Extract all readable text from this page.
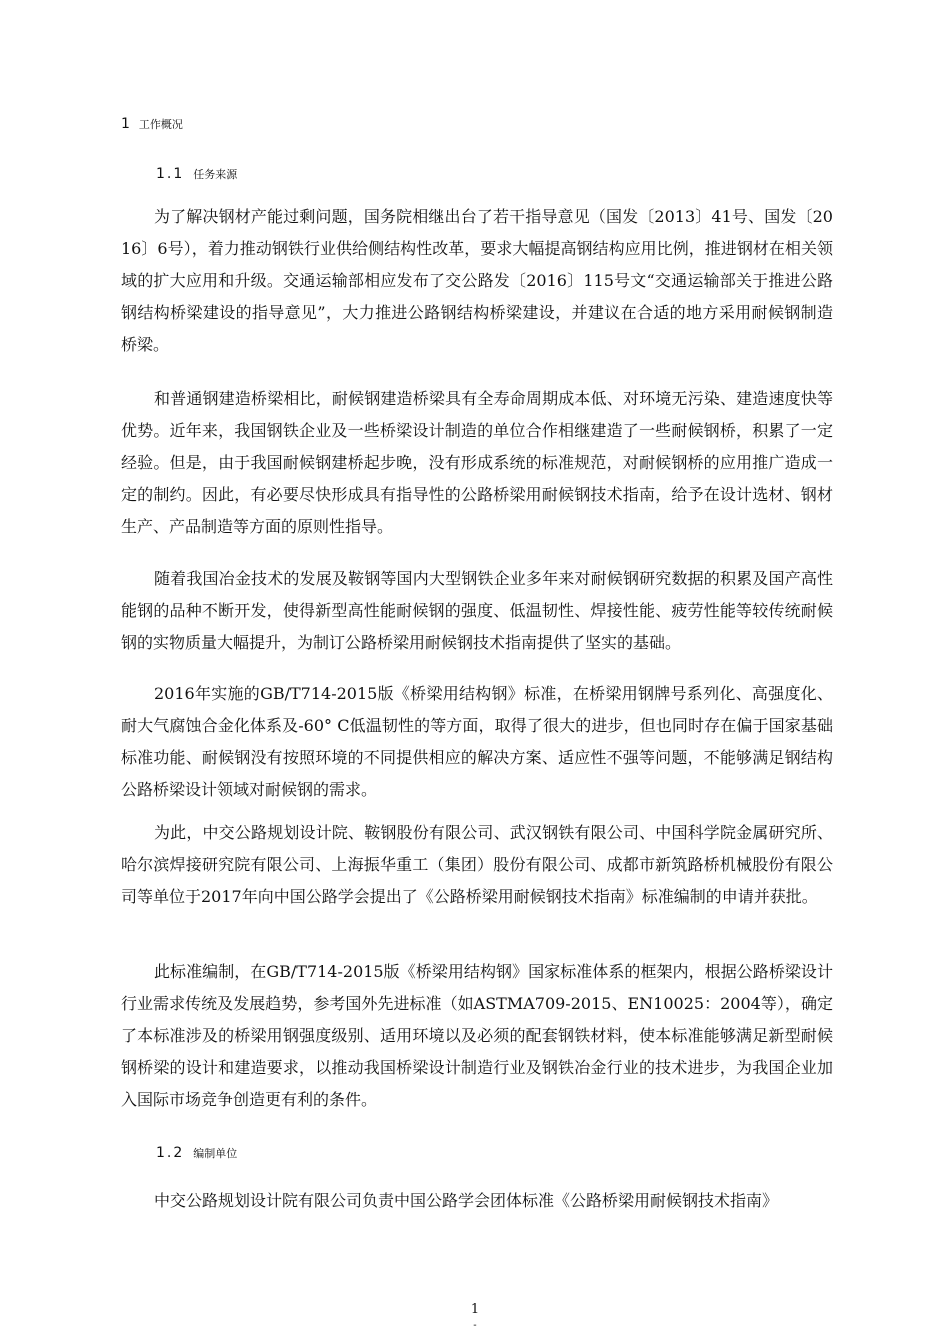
1 工作概况
1.1 任务来源

为了解决钢材产能过剩问题，国务院相继出台了若干指导意见（国发〔2013〕41号、国发〔2016〕6号），着力推动钢铁行业供给侧结构性改革，要求大幅提高钢结构应用比例，推进钢材在相关领域的扩大应用和升级。交通运输部相应发布了交公路发〔2016〕115号文“交通运输部关于推进公路钢结构桥梁建设的指导意见”，大力推进公路钢结构桥梁建设，并建议在合适的地方采用耐候钢制造桥梁。

和普通钢建造桥梁相比，耐候钢建造桥梁具有全寿命周期成本低、对环境无污染、建造速度快等优势。近年来，我国钢铁企业及一些桥梁设计制造的单位合作相继建造了一些耐候钢桥，积累了一定经验。但是，由于我国耐候钢建桥起步晚，没有形成系统的标准规范，对耐候钢桥的应用推广造成一定的制约。因此，有必要尽快形成具有指导性的公路桥梁用耐候钢技术指南，给予在设计选材、钢材生产、产品制造等方面的原则性指导。

随着我国冶金技术的发展及鞍钢等国内大型钢铁企业多年来对耐候钢研究数据的积累及国产高性能钢的品种不断开发，使得新型高性能耐候钢的强度、低温韧性、焊接性能、疲劳性能等较传统耐候钢的实物质量大幅提升，为制订公路桥梁用耐候钢技术指南提供了坚实的基础。

2016年实施的GB/T714-2015版《桥梁用结构钢》标准，在桥梁用钢牌号系列化、高强度化、耐大气腐蚀合金化体系及-60° C低温韧性的等方面，取得了很大的进步，但也同时存在偏于国家基础标准功能、耐候钢没有按照环境的不同提供相应的解决方案、适应性不强等问题，不能够满足钢结构公路桥梁设计领域对耐候钢的需求。

为此，中交公路规划设计院、鞍钢股份有限公司、武汉钢铁有限公司、中国科学院金属研究所、哈尔滨焊接研究院有限公司、上海振华重工（集团）股份有限公司、成都市新筑路桥机械股份有限公司等单位于2017年向中国公路学会提出了《公路桥梁用耐候钢技术指南》标准编制的申请并获批。

此标准编制，在GB/T714-2015版《桥梁用结构钢》国家标准体系的框架内，根据公路桥梁设计行业需求传统及发展趋势，参考国外先进标准（如ASTMA709-2015、EN10025：2004等），确定了本标准涉及的桥梁用钢强度级别、适用环境以及必须的配套钢铁材料，使本标准能够满足新型耐候钢桥梁的设计和建造要求，以推动我国桥梁设计制造行业及钢铁冶金行业的技术进步，为我国企业加入国际市场竞争创造更有利的条件。

1.2 编制单位

中交公路规划设计院有限公司负责中国公路学会团体标准《公路桥梁用耐候钢技术指南》

1
-
